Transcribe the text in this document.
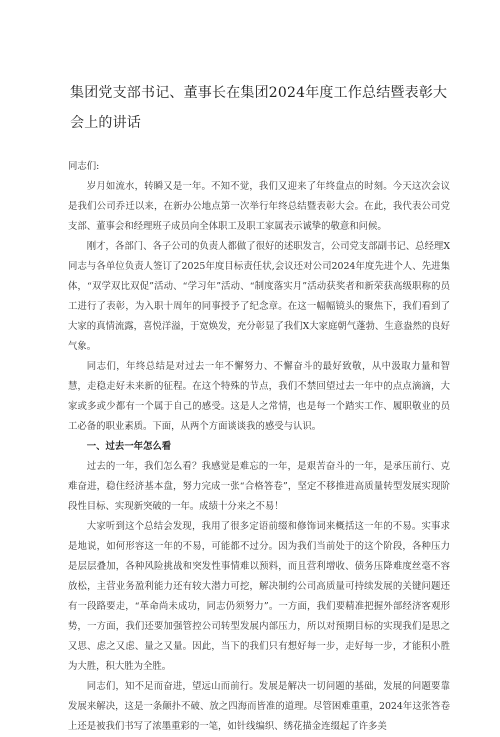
集团党支部书记、董事长在集团2024年度工作总结暨表彰大会上的讲话

同志们:

岁月如流水，转瞬又是一年。不知不觉，我们又迎来了年终盘点的时刻。今天这次会议是我们公司乔迁以来，在新办公地点第一次举行年终总结暨表彰大会。在此，我代表公司党支部、董事会和经理班子成员向全体职工及职工家属表示诚挚的敬意和问候。

刚才，各部门、各子公司的负责人都做了很好的述职发言，公司党支部副书记、总经理X同志与各单位负责人签订了2025年度目标责任状,会议还对公司2024年度先进个人、先进集体，“双学双比双促”活动、“学习年”活动、“制度落实月”活动获奖者和新荣获高级职称的员工进行了表彰，为入职十周年的同事授予了纪念章。在这一幅幅镜头的聚焦下，我们看到了大家的真情流露，喜悦洋溢，于宽焕发，充分彰显了我们X大家庭朝气蓬勃、生意盎然的良好气象。

同志们，年终总结是对过去一年不懈努力、不懈奋斗的最好致敬，从中汲取力量和智慧，走稳走好未来新的征程。在这个特殊的节点，我们不禁回望过去一年中的点点滴滴，大家或多或少都有一个属于自己的感受。这是人之常情，也是每一个踏实工作、履职敬业的员工必备的职业素质。下面，从两个方面谈谈我的感受与认识。

一、过去一年怎么看

过去的一年，我们怎么看？我感觉是难忘的一年，是艰苦奋斗的一年，是承压前行、克难奋进，稳住经济基本盘，努力完成一张“合格答卷”，坚定不移推进高质量转型发展实现阶段性目标、实现新突破的一年。成绩十分来之不易！

大家听到这个总结会发现，我用了很多定语前缀和修饰词来概括这一年的不易。实事求是地说，如何形容这一年的不易，可能都不过分。因为我们当前处于的这个阶段，各种压力是层层叠加，各种风险挑战和突发性事情难以预料，而且营利增收、债务压降难度丝毫不容放松，主营业务盈利能力还有较大潜力可挖，解决制约公司高质量可持续发展的关键问题还有一段路要走，“革命尚未成功，同志仍须努力”。一方面，我们要精准把握外部经济客观形势，一方面，我们还要加强管控公司转型发展内部压力，所以对预期目标的实现我们是思之又思、虑之又虑、量之又量。因此，当下的我们只有想好每一步，走好每一步，才能积小胜为大胜，积大胜为全胜。

同志们，知不足而奋进，望远山而前行。发展是解决一切问题的基础，发展的问题要靠发展来解决，这是一条颠扑不破、放之四海而皆准的道理。尽管困难重重，2024年这张答卷上还是被我们书写了浓墨重彩的一笔，如针线编织、绣花描金连缀起了许多美
